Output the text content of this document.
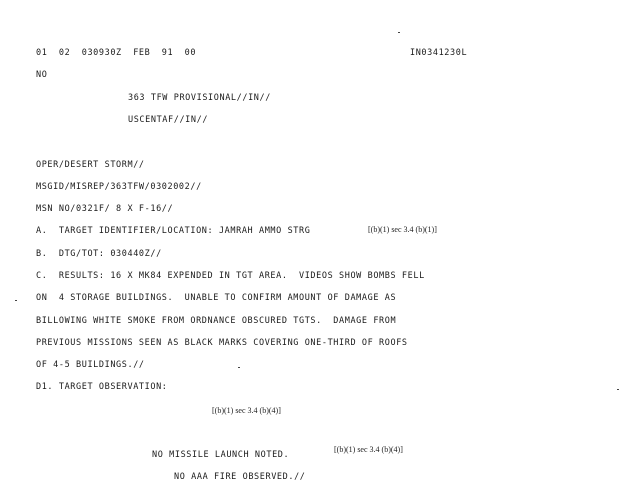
01  02  030930Z  FEB  91  00	IN0341230L
NO
363 TFW PROVISIONAL//IN//
USCENTAF//IN//
OPER/DESERT STORM//
MSGID/MISREP/363TFW/0302002//
MSN NO/0321F/ 8 X F-16//
A.  TARGET IDENTIFIER/LOCATION: JAMRAH AMMO STRG	[(b)(1) sec 3.4 (b)(1)]
B.  DTG/TOT: 030440Z//
C.  RESULTS: 16 X MK84 EXPENDED IN TGT AREA.  VIDEOS SHOW BOMBS FELL
ON  4 STORAGE BUILDINGS.  UNABLE TO CONFIRM AMOUNT OF DAMAGE AS
BILLOWING WHITE SMOKE FROM ORDNANCE OBSCURED TGTS.  DAMAGE FROM
PREVIOUS MISSIONS SEEN AS BLACK MARKS COVERING ONE-THIRD OF ROOFS
OF 4-5 BUILDINGS.//
D1. TARGET OBSERVATION:
[(b)(1) sec 3.4 (b)(4)]
NO MISSILE LAUNCH NOTED.
[(b)(1) sec 3.4 (b)(4)]
NO AAA FIRE OBSERVED.//
